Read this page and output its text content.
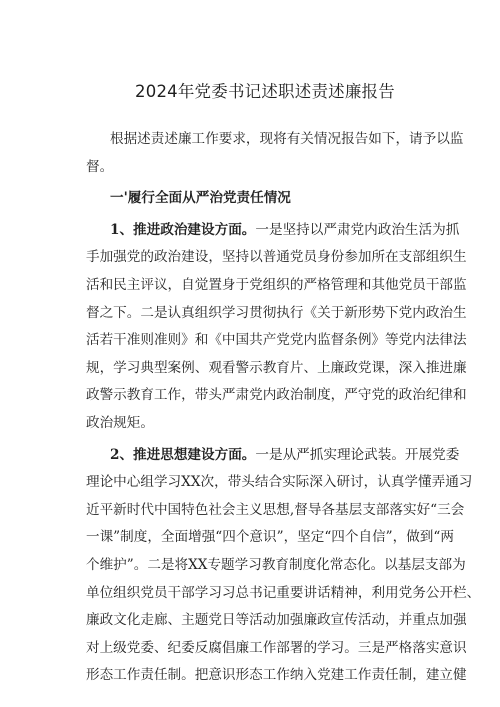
2024年党委书记述职述责述廉报告
根据述责述廉工作要求，现将有关情况报告如下，请予以监
督。
一'履行全面从严治党责任情况
1、推进政治建设方面。一是坚持以严肃党内政治生活为抓
手加强党的政治建设，坚持以普通党员身份参加所在支部组织生
活和民主评议，自觉置身于党组织的严格管理和其他党员干部监
督之下。二是认真组织学习贯彻执行《关于新形势下党内政治生
活若干准则准则》和《中国共产党党内监督条例》等党内法律法
规，学习典型案例、观看警示教育片、上廉政党课，深入推进廉
政警示教育工作，带头严肃党内政治制度，严守党的政治纪律和
政治规矩。
2、推进思想建设方面。一是从严抓实理论武装。开展党委
理论中心组学习XX次，带头结合实际深入研讨，认真学懂弄通习
近平新时代中国特色社会主义思想,督导各基层支部落实好“三会
一课”制度，全面增强“四个意识”，坚定“四个自信”，做到“两
个维护”。二是将XX专题学习教育制度化常态化。以基层支部为
单位组织党员干部学习习总书记重要讲话精神，利用党务公开栏、
廉政文化走廊、主题党日等活动加强廉政宣传活动，并重点加强
对上级党委、纪委反腐倡廉工作部署的学习。三是严格落实意识
形态工作责任制。把意识形态工作纳入党建工作责任制，建立健
